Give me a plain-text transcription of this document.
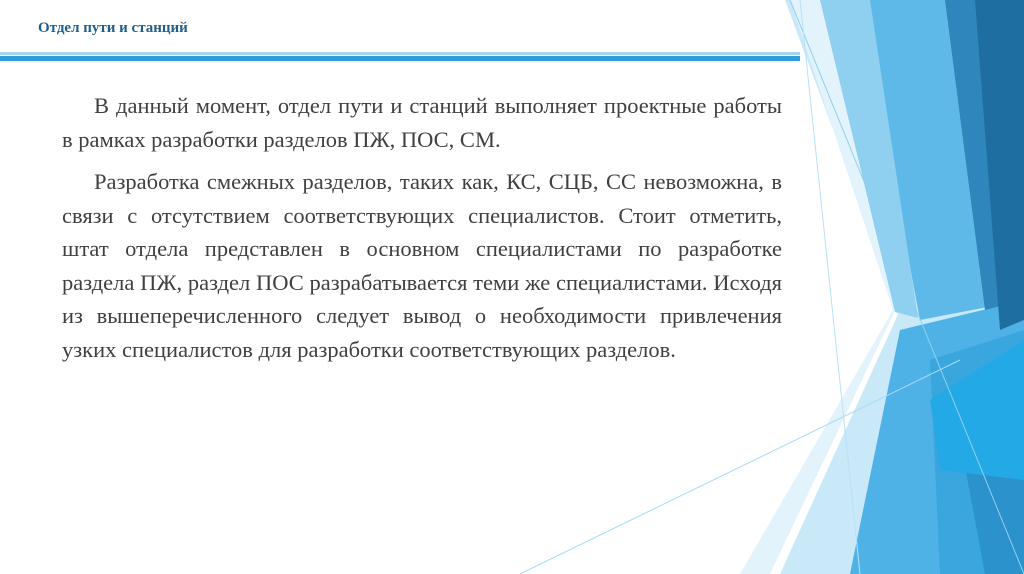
Отдел пути и станций

В данный момент, отдел пути и станций выполняет проектные работы в рамках разработки разделов ПЖ, ПОС, СМ.

Разработка смежных разделов, таких как, КС, СЦБ, СС невозможна, в связи с отсутствием соответствующих специалистов. Стоит отметить, штат отдела представлен в основном специалистами по разработке раздела ПЖ, раздел ПОС разрабатывается теми же специалистами. Исходя из вышеперечисленного следует вывод о необходимости привлечения узких специалистов для разработки соответствующих разделов.
